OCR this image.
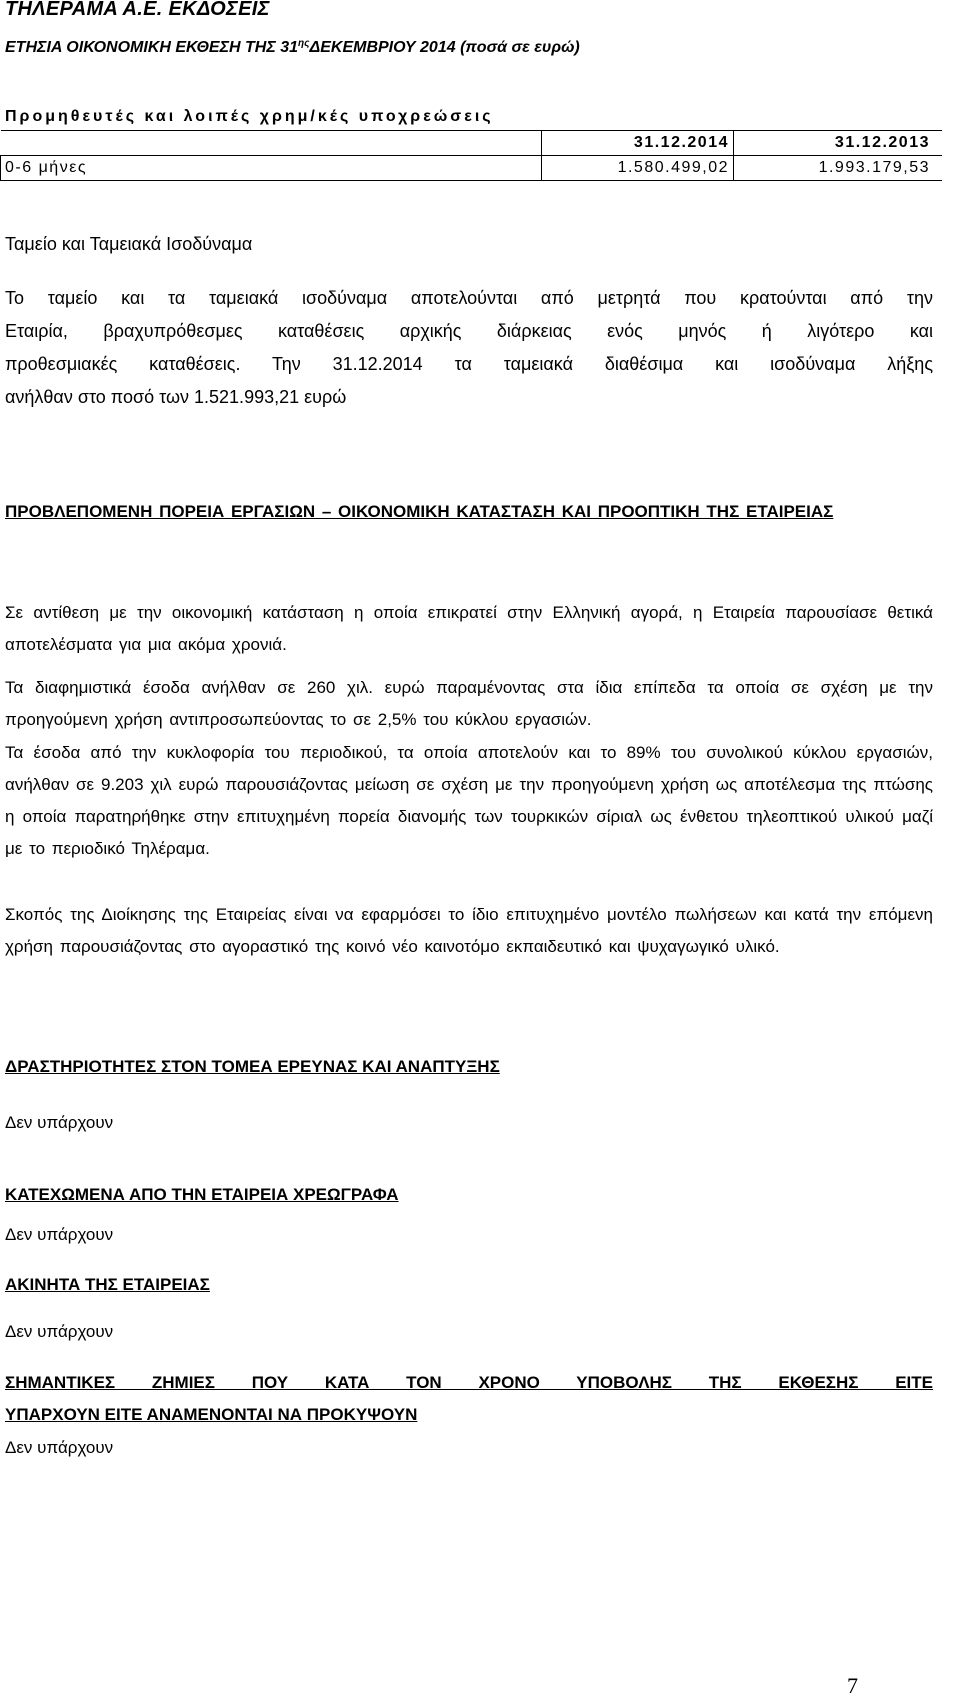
ΤΗΛΕΡΑΜΑ Α.Ε. ΕΚΔΟΣΕΙΣ
ΕΤΗΣΙΑ ΟΙΚΟΝΟΜΙΚΗ ΕΚΘΕΣΗ ΤΗΣ $31^{\eta\varsigma}\Delta EKEMBPIO\Upsilon$ 2014 (ποσά σε ευρώ)
Προμηθευτές και λοιπές χρημ/κές υποχρεώσεις
	31.12.2014	31.12.2013
0-6 μήνες	1.580.499,02	1.993.179,53
Ταμείο και Ταμειακά Ισοδύναμα
Το ταμείο και τα ταμειακά ισοδύναμα αποτελούνται από μετρητά που κρατούνται από την
Εταιρία, βραχυπρόθεσμες καταθέσεις αρχικής διάρκειας ενός μηνός ή λιγότερο και
προθεσμιακές καταθέσεις. Την 31.12.2014 τα ταμειακά διαθέσιμα και ισοδύναμα λήξης
ανήλθαν στο ποσό των 1.521.993,21 ευρώ
ΠΡΟΒΛΕΠΟΜΕΝΗ ΠΟΡΕΙΑ ΕΡΓΑΣΙΩΝ – ΟΙΚΟΝΟΜΙΚΗ ΚΑΤΑΣΤΑΣΗ ΚΑΙ ΠΡΟΟΠΤΙΚΗ ΤΗΣ ΕΤΑΙΡΕΙΑΣ
Σε αντίθεση με την οικονομική κατάσταση η οποία επικρατεί στην Ελληνική αγορά, η Εταιρεία παρουσίασε θετικά αποτελέσματα για μια ακόμα χρονιά.
Τα διαφημιστικά έσοδα ανήλθαν σε 260 χιλ. ευρώ παραμένοντας στα ίδια επίπεδα τα οποία σε σχέση με την προηγούμενη χρήση αντιπροσωπεύοντας το σε 2,5% του κύκλου εργασιών.
Τα έσοδα από την κυκλοφορία του περιοδικού, τα οποία αποτελούν και το 89% του συνολικού κύκλου εργασιών, ανήλθαν σε 9.203 χιλ ευρώ παρουσιάζοντας μείωση σε σχέση με την προηγούμενη χρήση ως αποτέλεσμα της πτώσης η οποία παρατηρήθηκε στην επιτυχημένη πορεία διανομής των τουρκικών σίριαλ ως ένθετου τηλεοπτικού υλικού μαζί με το περιοδικό Τηλέραμα.
Σκοπός της Διοίκησης της Εταιρείας είναι να εφαρμόσει το ίδιο επιτυχημένο μοντέλο πωλήσεων και κατά την επόμενη χρήση παρουσιάζοντας στο αγοραστικό της κοινό νέο καινοτόμο εκπαιδευτικό και ψυχαγωγικό υλικό.
ΔΡΑΣΤΗΡΙΟΤΗΤΕΣ ΣΤΟΝ ΤΟΜΕΑ ΕΡΕΥΝΑΣ ΚΑΙ ΑΝΑΠΤΥΞΗΣ
Δεν υπάρχουν
ΚΑΤΕΧΩΜΕΝΑ ΑΠΟ ΤΗΝ ΕΤΑΙΡΕΙΑ ΧΡΕΩΓΡΑΦΑ
Δεν υπάρχουν
ΑΚΙΝΗΤΑ ΤΗΣ ΕΤΑΙΡΕΙΑΣ
Δεν υπάρχουν
ΣΗΜΑΝΤΙΚΕΣ ΖΗΜΙΕΣ ΠΟΥ ΚΑΤΑ ΤΟΝ ΧΡΟΝΟ ΥΠΟΒΟΛΗΣ ΤΗΣ ΕΚΘΕΣΗΣ ΕΙΤΕ
ΥΠΑΡΧΟΥΝ ΕΙΤΕ ΑΝΑΜΕΝΟΝΤΑΙ ΝΑ ΠΡΟΚΥΨΟΥΝ
Δεν υπάρχουν
7
